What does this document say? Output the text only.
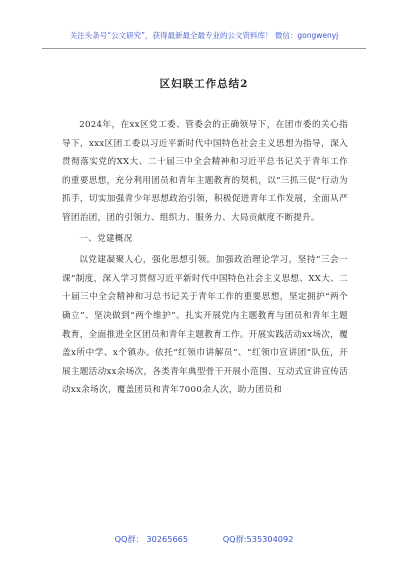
关注头条号“公文研究”，获得最新最全最专业的公文资料库！ 微信：gongwenyj
区妇联工作总结2

2024年，在xx区党工委、管委会的正确领导下，在团市委的关心指导下，xxx区团工委以习近平新时代中国特色社会主义思想为指导，深入贯彻落实党的XX大、二十届三中全会精神和习近平总书记关于青年工作的重要思想，充分利用团员和青年主题教育的契机，以“三抓三促”行动为抓手，切实加强青少年思想政治引领，积极促进青年工作发展，全面从严管团治团，团的引领力、组织力、服务力、大局贡献度不断提升。

一、党建概况

以党建凝聚人心，强化思想引领。加强政治理论学习，坚持“三会一课”制度，深入学习贯彻习近平新时代中国特色社会主义思想、XX大、二十届三中全会精神和习总书记关于青年工作的重要思想，坚定拥护“两个确立”、坚决做到“两个维护”。扎实开展党内主题教育与团员和青年主题教育，全面推进全区团员和青年主题教育工作。开展实践活动xx场次，覆盖x所中学、x个镇办。依托“红领巾讲解员”、“红领巾宣讲团”队伍，开展主题活动xx余场次，各类青年典型骨干开展小范围、互动式宣讲宣传活动xx余场次，覆盖团员和青年7000余人次，助力团员和

QQ群： 30265665	QQ群:535304092
